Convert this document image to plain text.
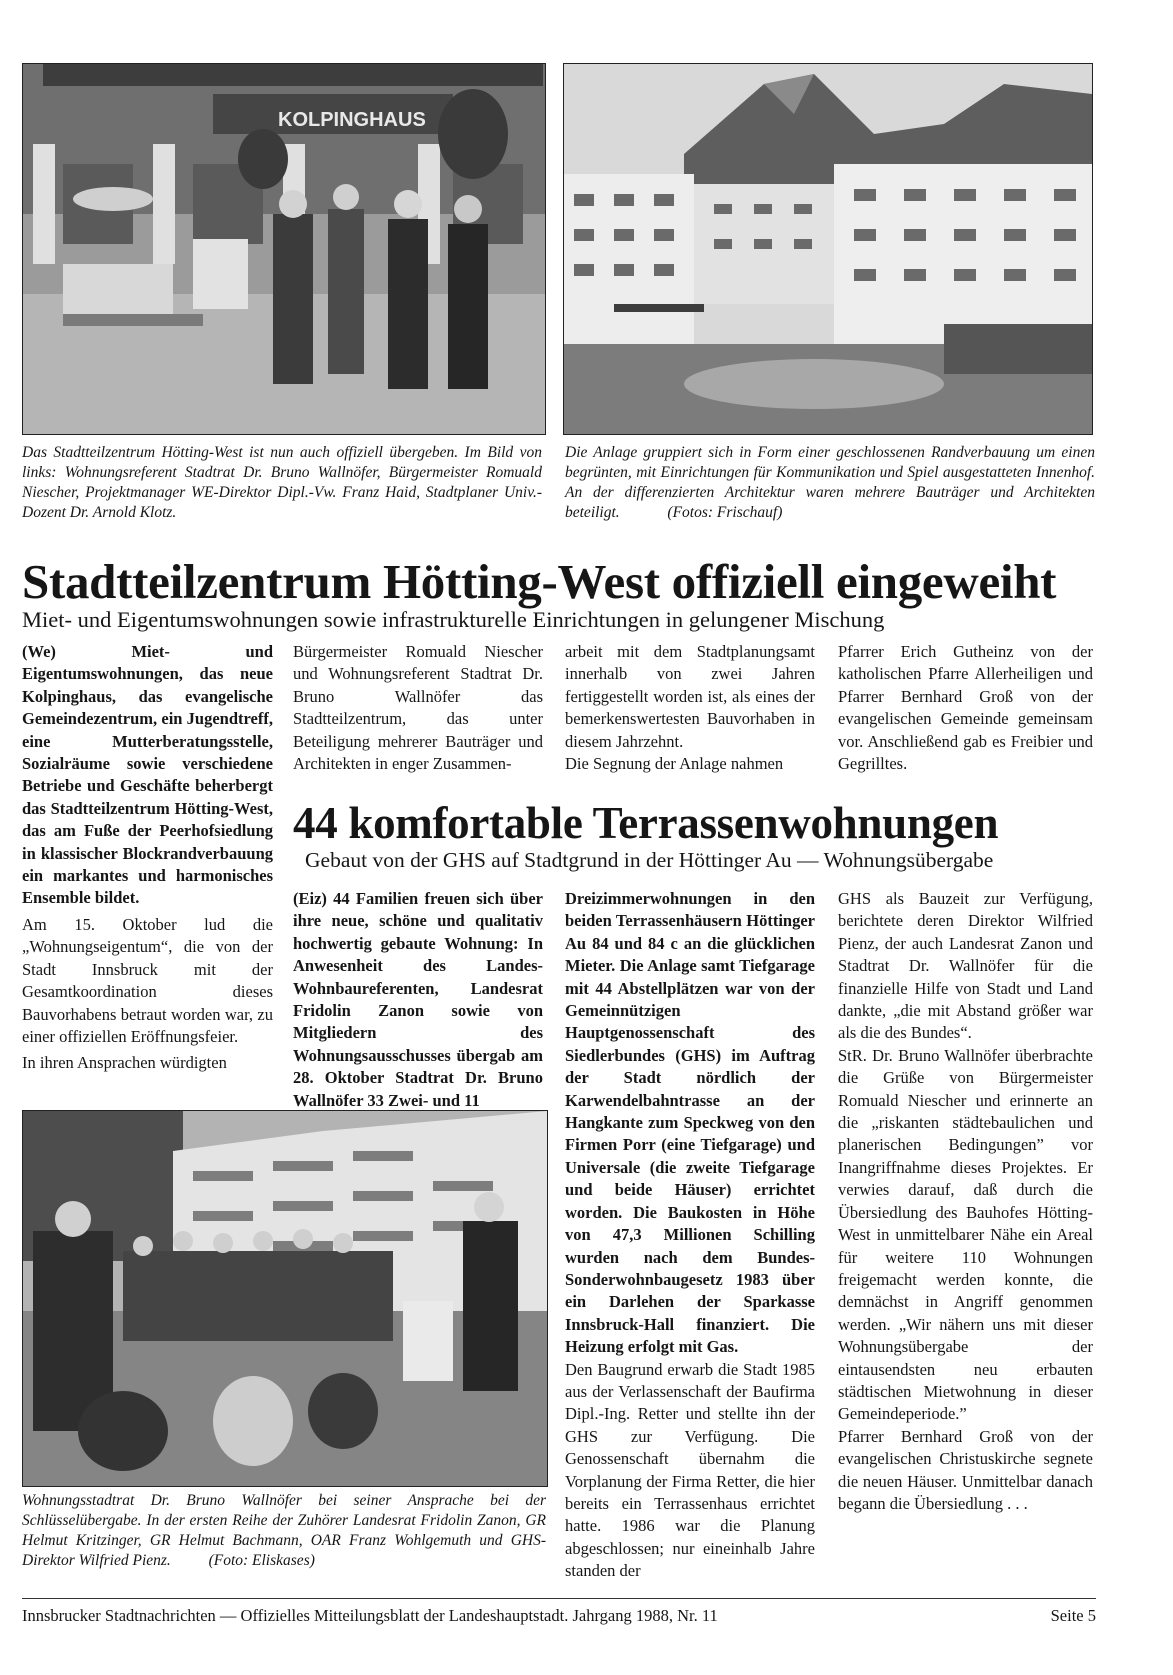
KOLPINGHAUS
Das Stadtteilzentrum Hötting-West ist nun auch offiziell übergeben. Im Bild von links: Wohnungsreferent Stadtrat Dr. Bruno Wallnöfer, Bürgermeister Romuald Niescher, Projektmanager WE-Direktor Dipl.-Vw. Franz Haid, Stadtplaner Univ.-Dozent Dr. Arnold Klotz.
Die Anlage gruppiert sich in Form einer geschlossenen Randverbauung um einen begrünten, mit Einrichtungen für Kommunikation und Spiel ausgestatteten Innenhof. An der differenzierten Architektur waren mehrere Bauträger und Architekten beteiligt.	(Fotos: Frischauf)
Wohnungsstadtrat Dr. Bruno Wallnöfer bei seiner Ansprache bei der Schlüsselübergabe. In der ersten Reihe der Zuhörer Landesrat Fridolin Zanon, GR Helmut Kritzinger, GR Helmut Bachmann, OAR Franz Wohlgemuth und GHS-Direktor Wilfried Pienz. (Foto: Eliskases)
Stadtteilzentrum Hötting-West offiziell eingeweiht
Miet- und Eigentumswohnungen sowie infrastrukturelle Einrichtungen in gelungener Mischung

(We) Miet- und Eigentumswohnungen, das neue Kolpinghaus, das evangelische Gemeindezentrum, ein Jugendtreff, eine Mutterberatungsstelle, Sozialräume sowie verschiedene Betriebe und Geschäfte beherbergt das Stadtteilzentrum Hötting-West, das am Fuße der Peerhofsiedlung in klassischer Blockrandverbauung ein markantes und harmonisches Ensemble bildet.

Am 15. Oktober lud die „Wohnungseigentum“, die von der Stadt Innsbruck mit der Gesamtkoordination dieses Bauvorhabens betraut worden war, zu einer offiziellen Eröffnungsfeier.

In ihren Ansprachen würdigten

Bürgermeister Romuald Niescher und Wohnungsreferent Stadtrat Dr. Bruno Wallnöfer das Stadtteilzentrum, das unter Beteiligung mehrerer Bauträger und Architekten in enger Zusammen-

arbeit mit dem Stadtplanungsamt innerhalb von zwei Jahren fertiggestellt worden ist, als eines der bemerkenswertesten Bauvorhaben in diesem Jahrzehnt.

Die Segnung der Anlage nahmen

Pfarrer Erich Gutheinz von der katholischen Pfarre Allerheiligen und Pfarrer Bernhard Groß von der evangelischen Gemeinde gemeinsam vor. Anschließend gab es Freibier und Gegrilltes.

44 komfortable Terrassenwohnungen
Gebaut von der GHS auf Stadtgrund in der Höttinger Au — Wohnungsübergabe

(Eiz) 44 Familien freuen sich über ihre neue, schöne und qualitativ hochwertig gebaute Wohnung: In Anwesenheit des Landes-Wohnbaureferenten, Landesrat Fridolin Zanon sowie von Mitgliedern des Wohnungsausschusses übergab am 28. Oktober Stadtrat Dr. Bruno Wallnöfer 33 Zwei- und 11

Dreizimmerwohnungen in den beiden Terrassenhäusern Höttinger Au 84 und 84 c an die glücklichen Mieter. Die Anlage samt Tiefgarage mit 44 Abstellplätzen war von der Gemeinnützigen Hauptgenossenschaft des Siedlerbundes (GHS) im Auftrag der Stadt nördlich der Karwendelbahntrasse an der Hangkante zum Speckweg von den Firmen Porr (eine Tiefgarage) und Universale (die zweite Tiefgarage und beide Häuser) errichtet worden. Die Baukosten in Höhe von 47,3 Millionen Schilling wurden nach dem Bundes-Sonderwohnbaugesetz 1983 über ein Darlehen der Sparkasse Innsbruck-Hall finanziert. Die Heizung erfolgt mit Gas.

Den Baugrund erwarb die Stadt 1985 aus der Verlassenschaft der Baufirma Dipl.-Ing. Retter und stellte ihn der GHS zur Verfügung. Die Genossenschaft übernahm die Vorplanung der Firma Retter, die hier bereits ein Terrassenhaus errichtet hatte. 1986 war die Planung abgeschlossen; nur eineinhalb Jahre standen der

GHS als Bauzeit zur Verfügung, berichtete deren Direktor Wilfried Pienz, der auch Landesrat Zanon und Stadtrat Dr. Wallnöfer für die finanzielle Hilfe von Stadt und Land dankte, „die mit Abstand größer war als die des Bundes“.

StR. Dr. Bruno Wallnöfer überbrachte die Grüße von Bürgermeister Romuald Niescher und erinnerte an die „riskanten städtebaulichen und planerischen Bedingungen” vor Inangriffnahme dieses Projektes. Er verwies darauf, daß durch die Übersiedlung des Bauhofes Hötting-West in unmittelbarer Nähe ein Areal für weitere 110 Wohnungen freigemacht werden konnte, die demnächst in Angriff genommen werden. „Wir nähern uns mit dieser Wohnungsübergabe der eintausendsten neu erbauten städtischen Mietwohnung in dieser Gemeindeperiode.”

Pfarrer Bernhard Groß von der evangelischen Christuskirche segnete die neuen Häuser. Unmittelbar danach begann die Übersiedlung . . .

Innsbrucker Stadtnachrichten — Offizielles Mitteilungsblatt der Landeshauptstadt. Jahrgang 1988, Nr. 11	Seite 5
